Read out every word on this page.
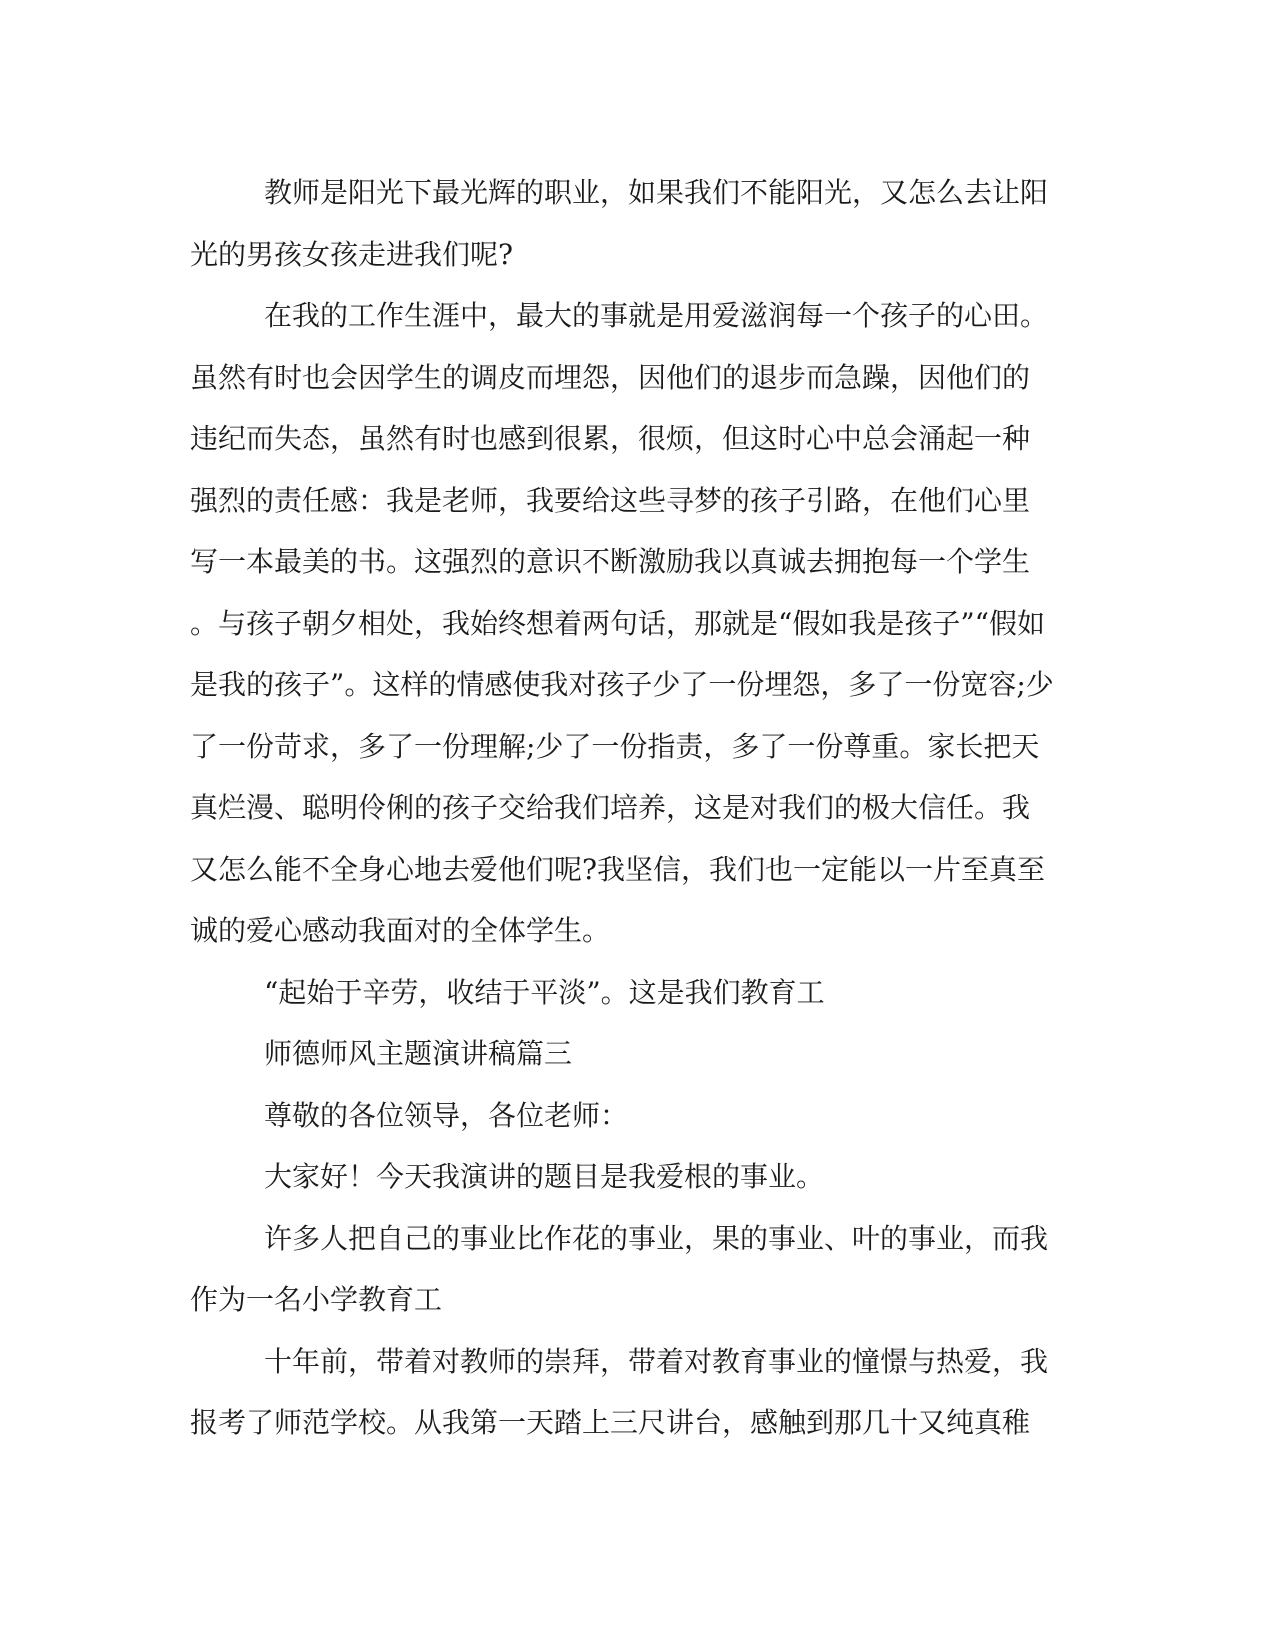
教师是阳光下最光辉的职业，如果我们不能阳光，又怎么去让阳
光的男孩女孩走进我们呢?
在我的工作生涯中，最大的事就是用爱滋润每一个孩子的心田。
虽然有时也会因学生的调皮而埋怨，因他们的退步而急躁，因他们的
违纪而失态，虽然有时也感到很累，很烦，但这时心中总会涌起一种
强烈的责任感：我是老师，我要给这些寻梦的孩子引路，在他们心里
写一本最美的书。这强烈的意识不断激励我以真诚去拥抱每一个学生
。与孩子朝夕相处，我始终想着两句话，那就是“假如我是孩子”“假如
是我的孩子”。这样的情感使我对孩子少了一份埋怨，多了一份宽容;少
了一份苛求，多了一份理解;少了一份指责，多了一份尊重。家长把天
真烂漫、聪明伶俐的孩子交给我们培养，这是对我们的极大信任。我
又怎么能不全身心地去爱他们呢?我坚信，我们也一定能以一片至真至
诚的爱心感动我面对的全体学生。
“起始于辛劳，收结于平淡”。这是我们教育工
师德师风主题演讲稿篇三
尊敬的各位领导，各位老师：
大家好！今天我演讲的题目是我爱根的事业。
许多人把自己的事业比作花的事业，果的事业、叶的事业，而我
作为一名小学教育工
十年前，带着对教师的崇拜，带着对教育事业的憧憬与热爱，我
报考了师范学校。从我第一天踏上三尺讲台，感触到那几十又纯真稚
